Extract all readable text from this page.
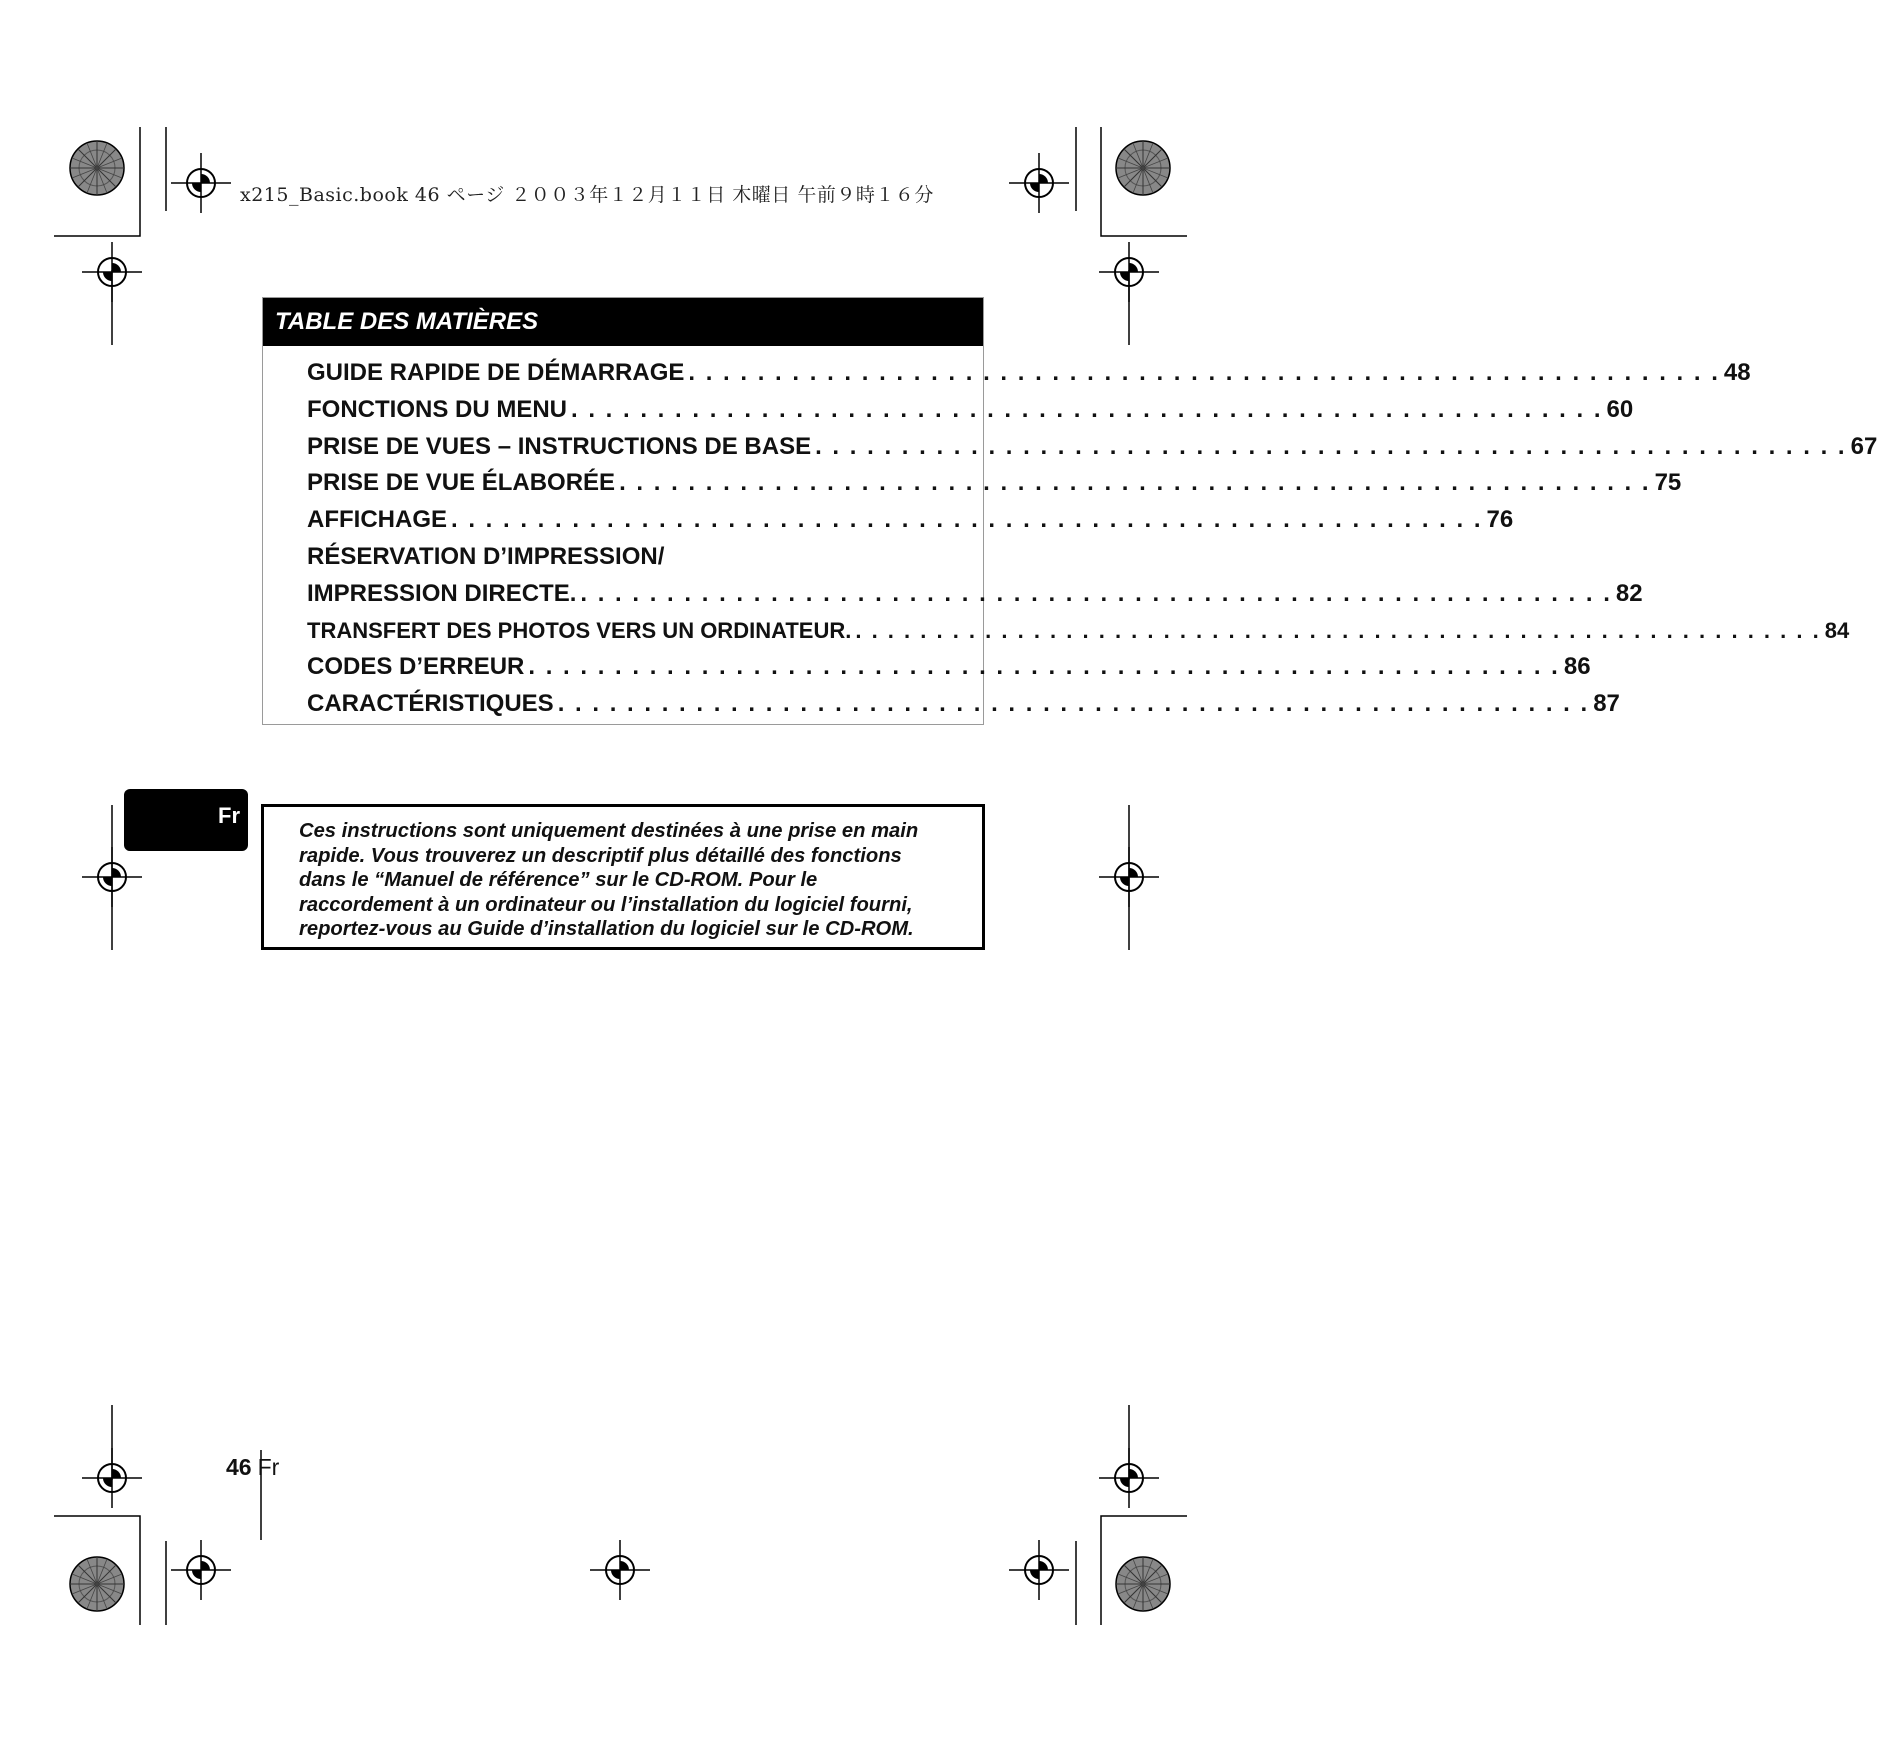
x215_Basic.book 46 ページ ２００３年１２月１１日 木曜日 午前９時１６分
TABLE DES MATIÈRES
GUIDE RAPIDE DE DÉMARRAGE . . . . . . . . . . . . . . . . . . . . . . . . . . . . . . . . . . . . . . . . . . . . . . . . . . . . . . . . . . . . 48
FONCTIONS DU MENU . . . . . . . . . . . . . . . . . . . . . . . . . . . . . . . . . . . . . . . . . . . . . . . . . . . . . . . . . . . . 60
PRISE DE VUES – INSTRUCTIONS DE BASE . . . . . . . . . . . . . . . . . . . . . . . . . . . . . . . . . . . . . . . . . . . . . . . . . . . . . . . . . . . . 67
PRISE DE VUE ÉLABORÉE . . . . . . . . . . . . . . . . . . . . . . . . . . . . . . . . . . . . . . . . . . . . . . . . . . . . . . . . . . . . 75
AFFICHAGE . . . . . . . . . . . . . . . . . . . . . . . . . . . . . . . . . . . . . . . . . . . . . . . . . . . . . . . . . . . . 76
RÉSERVATION D’IMPRESSION/
IMPRESSION DIRECTE. . . . . . . . . . . . . . . . . . . . . . . . . . . . . . . . . . . . . . . . . . . . . . . . . . . . . . . . . . . . . 82
TRANSFERT DES PHOTOS VERS UN ORDINATEUR. . . . . . . . . . . . . . . . . . . . . . . . . . . . . . . . . . . . . . . . . . . . . . . . . . . . . . . . . . . . . 84
CODES D’ERREUR . . . . . . . . . . . . . . . . . . . . . . . . . . . . . . . . . . . . . . . . . . . . . . . . . . . . . . . . . . . . 86
CARACTÉRISTIQUES . . . . . . . . . . . . . . . . . . . . . . . . . . . . . . . . . . . . . . . . . . . . . . . . . . . . . . . . . . . . 87
Fr
Ces instructions sont uniquement destinées à une prise en main
rapide. Vous trouverez un descriptif plus détaillé des fonctions
dans le “Manuel de référence” sur le CD-ROM. Pour le
raccordement à un ordinateur ou l’installation du logiciel fourni,
reportez-vous au Guide d’installation du logiciel sur le CD-ROM.
46 Fr
